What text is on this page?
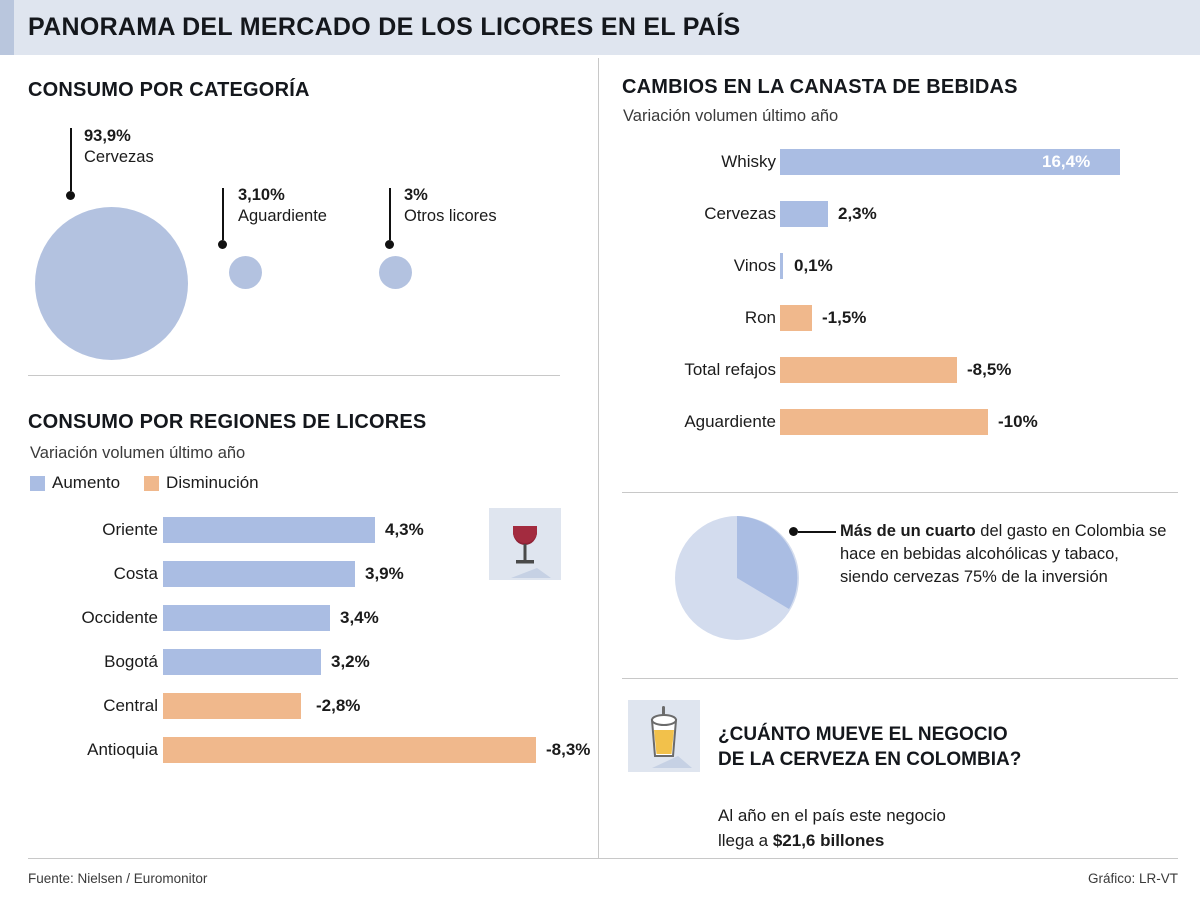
PANORAMA DEL MERCADO DE LOS LICORES EN EL PAÍS
CONSUMO POR CATEGORÍA
93,9%
Cervezas
3,10%
Aguardiente
3%
Otros licores
CONSUMO POR REGIONES DE LICORES
Variación volumen último año
Aumento	Disminución
Oriente	4,3%
Costa	3,9%
Occidente	3,4%
Bogotá	3,2%
Central	-2,8%
Antioquia	-8,3%
CAMBIOS EN LA CANASTA DE BEBIDAS
Variación volumen último año
Whisky	16,4%
Cervezas	2,3%
Vinos 0,1%
Ron	-1,5%
Total refajos	-8,5%
Aguardiente	-10%
Más de un cuarto del gasto en Colombia se hace en bebidas alcohólicas y tabaco, siendo cervezas 75% de la inversión
¿CUÁNTO MUEVE EL NEGOCIO
DE LA CERVEZA EN COLOMBIA?
Al año en el país este negocio
llega a $21,6 billones
Fuente: Nielsen / Euromonitor	Gráfico: LR-VT
